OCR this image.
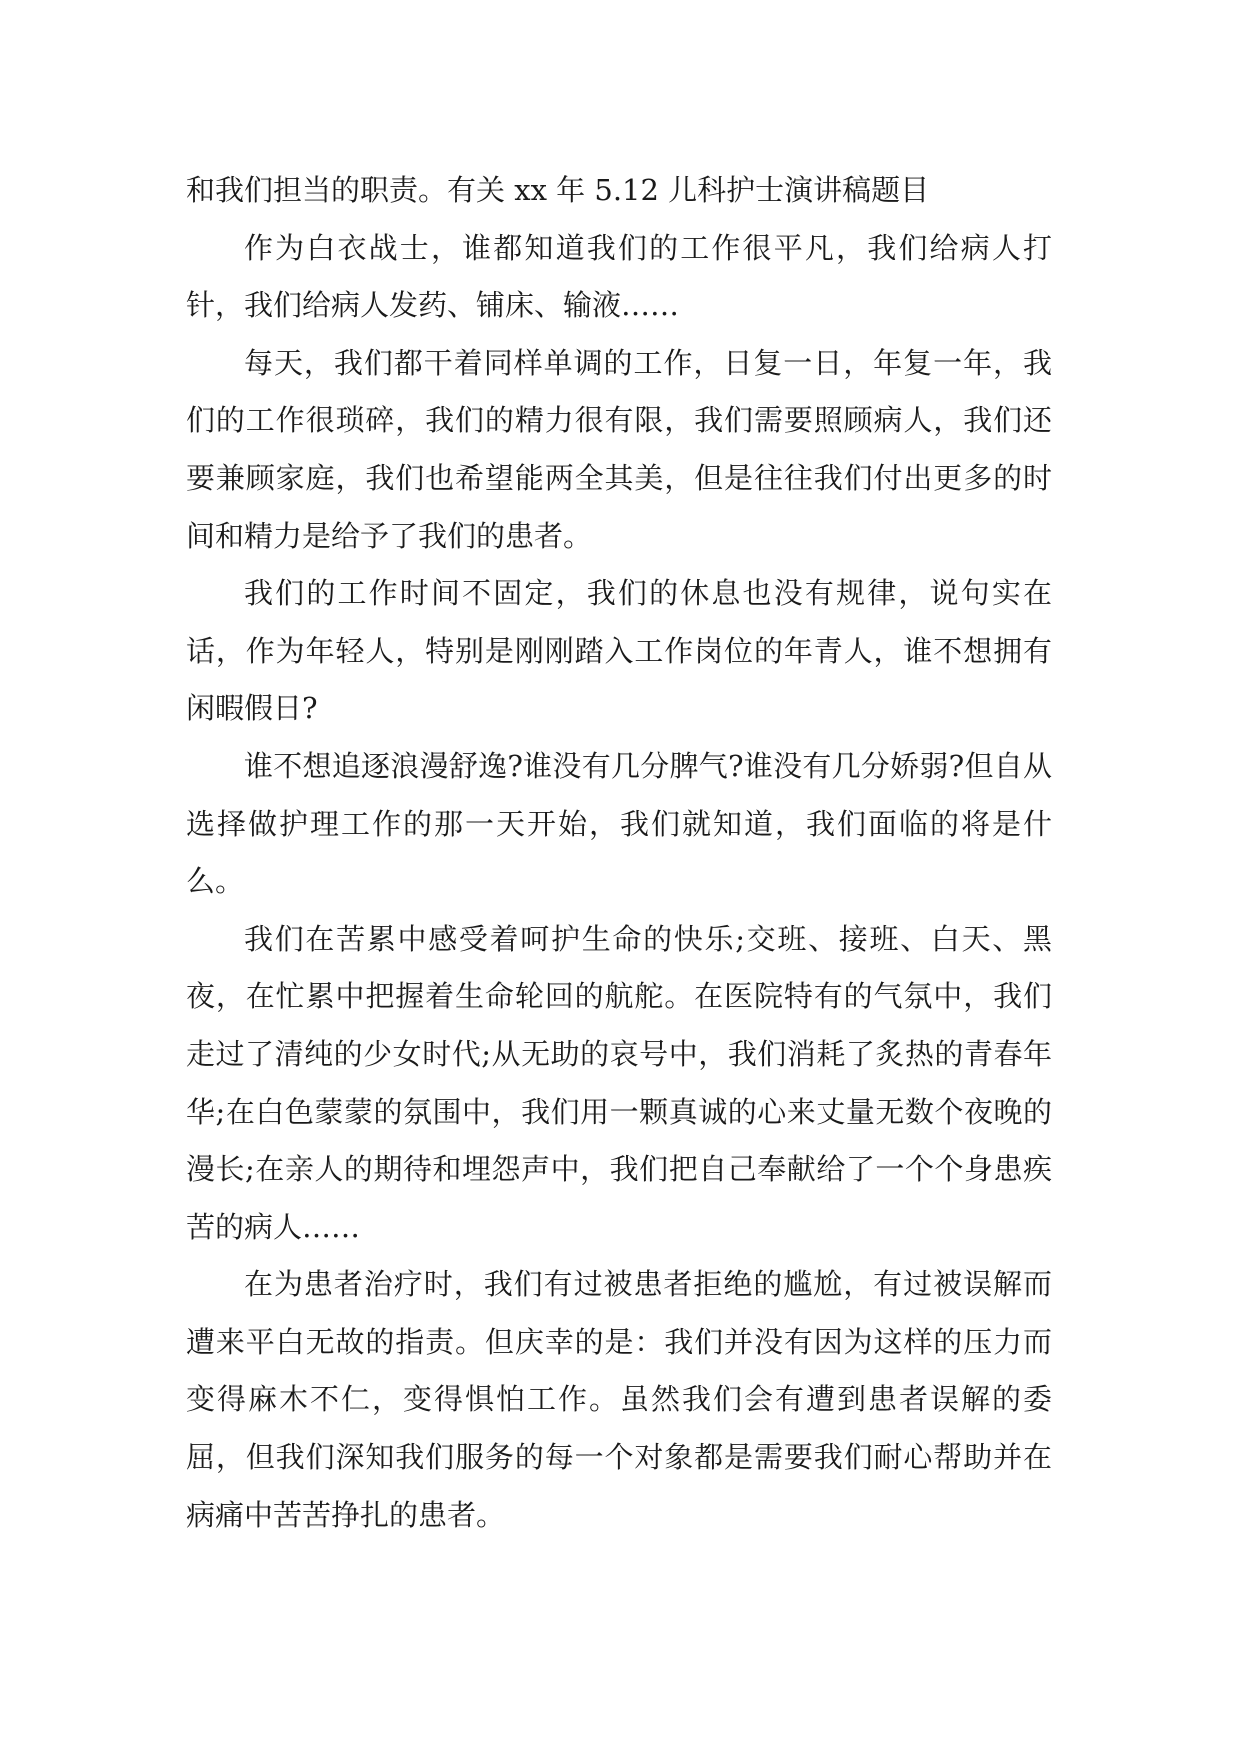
和我们担当的职责。有关 xx 年 5.12 儿科护士演讲稿题目

作为白衣战士，谁都知道我们的工作很平凡，我们给病人打针，我们给病人发药、铺床、输液……

每天，我们都干着同样单调的工作，日复一日，年复一年，我们的工作很琐碎，我们的精力很有限，我们需要照顾病人，我们还要兼顾家庭，我们也希望能两全其美，但是往往我们付出更多的时间和精力是给予了我们的患者。

我们的工作时间不固定，我们的休息也没有规律，说句实在话，作为年轻人，特别是刚刚踏入工作岗位的年青人，谁不想拥有闲暇假日?

谁不想追逐浪漫舒逸?谁没有几分脾气?谁没有几分娇弱?但自从选择做护理工作的那一天开始，我们就知道，我们面临的将是什么。

我们在苦累中感受着呵护生命的快乐;交班、接班、白天、黑夜，在忙累中把握着生命轮回的航舵。在医院特有的气氛中，我们走过了清纯的少女时代;从无助的哀号中，我们消耗了炙热的青春年华;在白色蒙蒙的氛围中，我们用一颗真诚的心来丈量无数个夜晚的漫长;在亲人的期待和埋怨声中，我们把自己奉献给了一个个身患疾苦的病人……

在为患者治疗时，我们有过被患者拒绝的尴尬，有过被误解而遭来平白无故的指责。但庆幸的是：我们并没有因为这样的压力而变得麻木不仁，变得惧怕工作。虽然我们会有遭到患者误解的委屈，但我们深知我们服务的每一个对象都是需要我们耐心帮助并在病痛中苦苦挣扎的患者。
